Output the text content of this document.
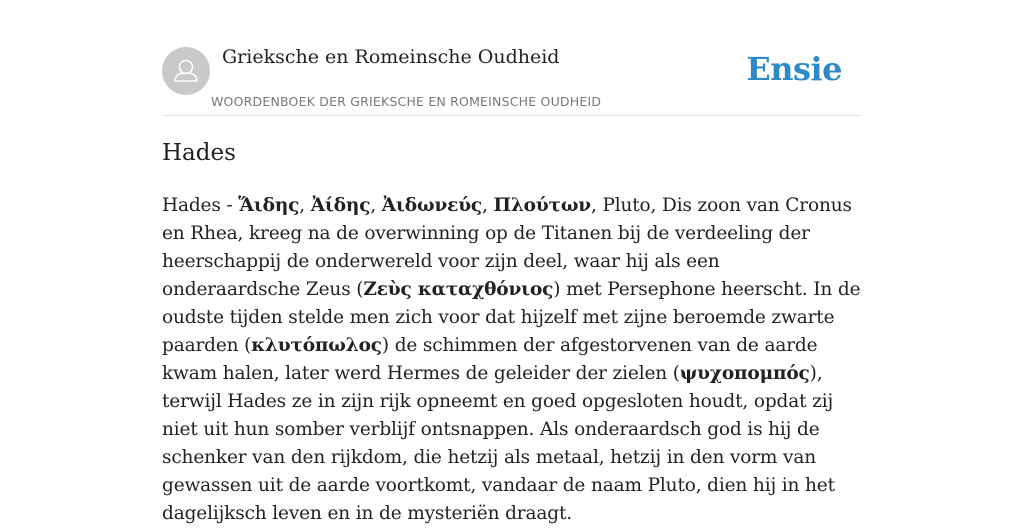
Grieksche en Romeinsche Oudheid
WOORDENBOEK DER GRIEKSCHE EN ROMEINSCHE OUDHEID
Ensie
Hades

Hades - Ἅιδης, Ἀίδης, Ἀιδωνεύς, Πλούτων, Pluto, Dis zoon van Cronus en Rhea, kreeg na de overwinning op de Titanen bij de verdeeling der heerschappij de onderwereld voor zijn deel, waar hij als een onderaardsche Zeus (Ζεὺς καταχθόνιος) met Persephone heerscht. In de oudste tijden stelde men zich voor dat hijzelf met zijne beroemde zwarte paarden (κλυτόπωλος) de schimmen der afgestorvenen van de aarde kwam halen, later werd Hermes de geleider der zielen (ψυχοπομπός), terwijl Hades ze in zijn rijk opneemt en goed opgesloten houdt, opdat zij niet uit hun somber verblijf ontsnappen. Als onderaardsch god is hij de schenker van den rijkdom, die hetzij als metaal, hetzij in den vorm van gewassen uit de aarde voortkomt, vandaar de naam Pluto, dien hij in het dagelijksch leven en in de mysteriën draagt.
